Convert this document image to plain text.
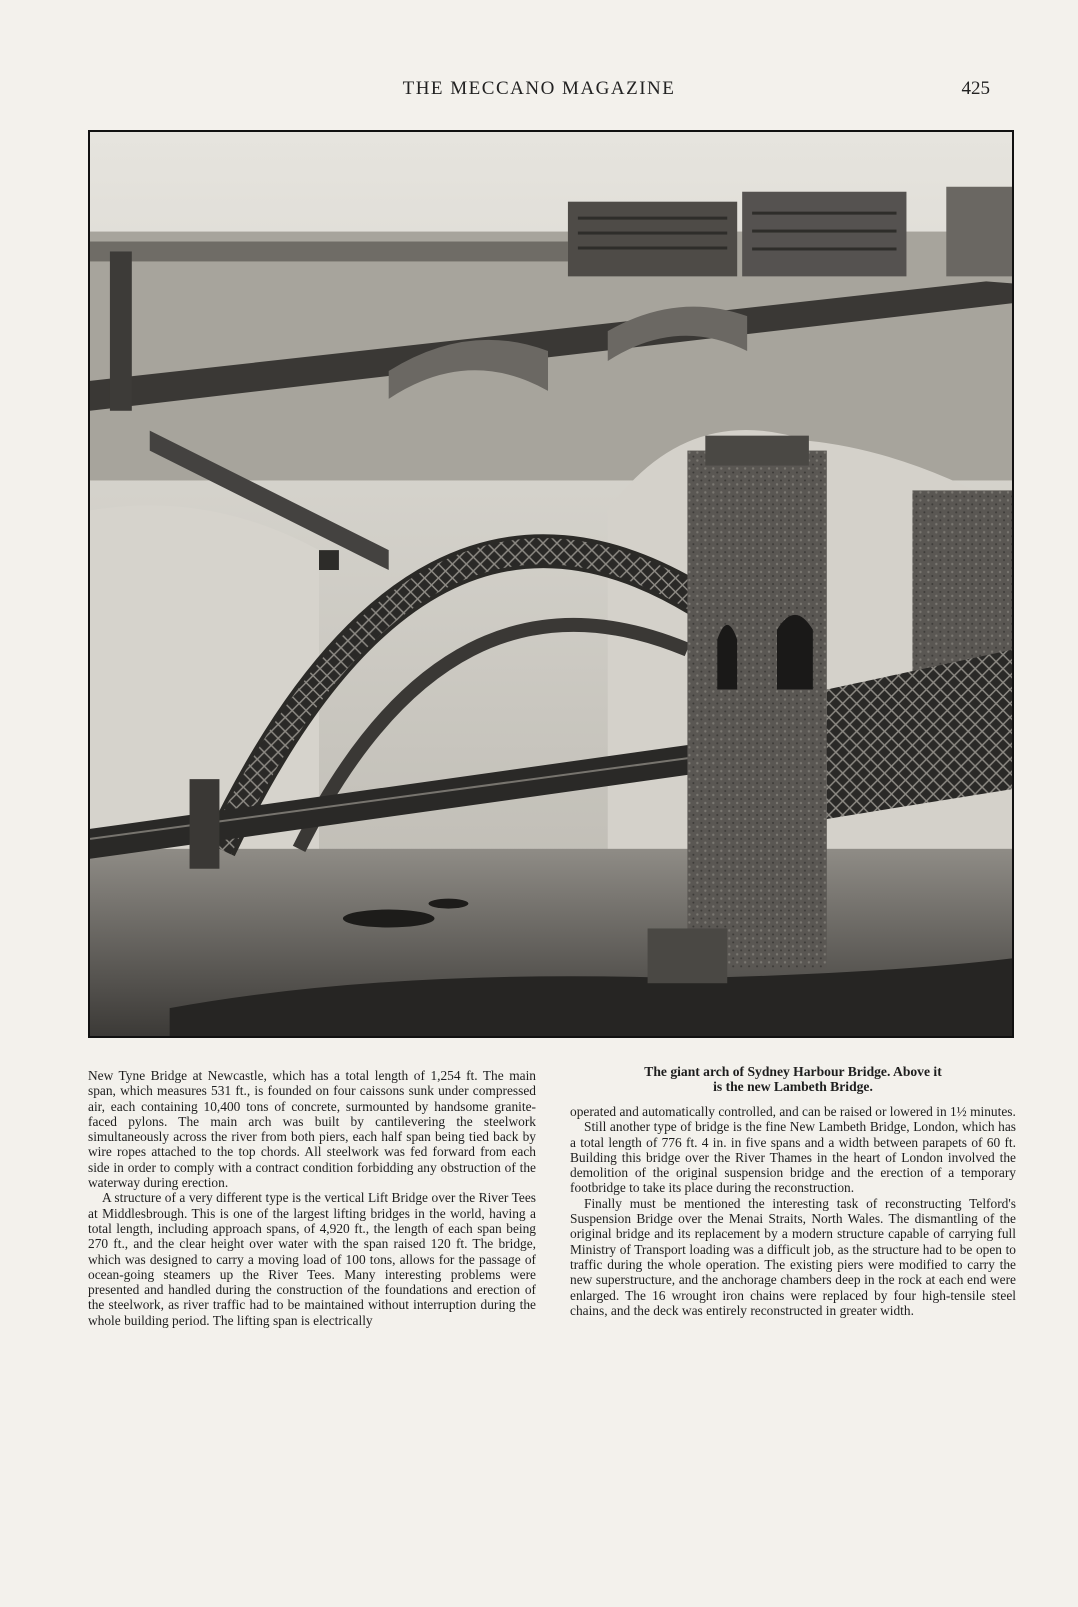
THE MECCANO MAGAZINE	425

New Tyne Bridge at Newcastle, which has a total length of 1,254 ft. The main span, which measures 531 ft., is founded on four caissons sunk under compressed air, each containing 10,400 tons of concrete, surmounted by handsome granite-faced pylons. The main arch was built by cantilevering the steelwork simultaneously across the river from both piers, each half span being tied back by wire ropes attached to the top chords. All steelwork was fed forward from each side in order to comply with a contract condition forbidding any obstruction of the waterway during erection.

A structure of a very different type is the vertical Lift Bridge over the River Tees at Middlesbrough. This is one of the largest lifting bridges in the world, having a total length, including approach spans, of 4,920 ft., the length of each span being 270 ft., and the clear height over water with the span raised 120 ft. The bridge, which was designed to carry a moving load of 100 tons, allows for the passage of ocean-going steamers up the River Tees. Many interesting problems were presented and handled during the construction of the foundations and erection of the steelwork, as river traffic had to be maintained without interruption during the whole building period. The lifting span is electrically

The giant arch of Sydney Harbour Bridge. Above it
is the new Lambeth Bridge.

operated and automatically controlled, and can be raised or lowered in 1½ minutes.

Still another type of bridge is the fine New Lambeth Bridge, London, which has a total length of 776 ft. 4 in. in five spans and a width between parapets of 60 ft. Building this bridge over the River Thames in the heart of London involved the demolition of the original suspension bridge and the erection of a temporary footbridge to take its place during the reconstruction.

Finally must be mentioned the interesting task of reconstructing Telford's Suspension Bridge over the Menai Straits, North Wales. The dismantling of the original bridge and its replacement by a modern structure capable of carrying full Ministry of Transport loading was a difficult job, as the structure had to be open to traffic during the whole operation. The existing piers were modified to carry the new superstructure, and the anchorage chambers deep in the rock at each end were enlarged. The 16 wrought iron chains were replaced by four high-tensile steel chains, and the deck was entirely reconstructed in greater width.
